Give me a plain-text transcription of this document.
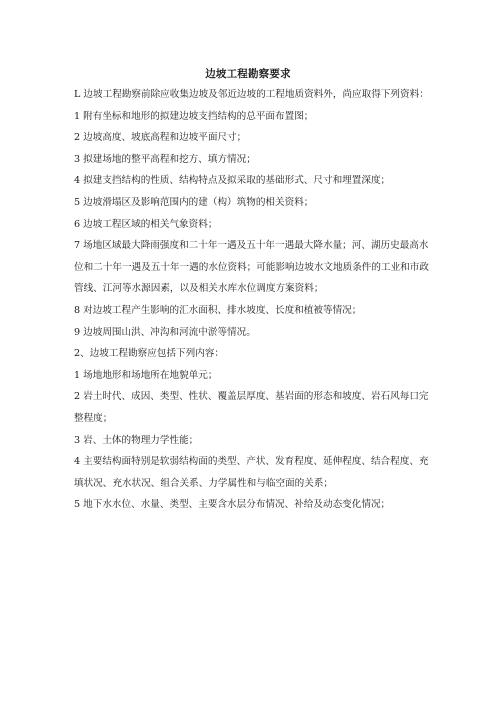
边坡工程勘察要求

L 边坡工程勘察前除应收集边坡及邻近边坡的工程地质资料外，尚应取得下列资料：

1 附有坐标和地形的拟建边坡支挡结构的总平面布置图；

2 边坡高度、坡底高程和边坡平面尺寸；

3 拟建场地的整平高程和挖方、填方情况；

4 拟建支挡结构的性质、结构特点及拟采取的基础形式、尺寸和埋置深度；

5 边坡滑塌区及影响范围内的建（构）筑物的相关资料；

6 边坡工程区域的相关气象资料；

7 场地区域最大降雨强度和二十年一遇及五十年一遇最大降水量；河、湖历史最高水位和二十年一遇及五十年一遇的水位资料；可能影响边坡水文地质条件的工业和市政管线、江河等水源因素，以及相关水库水位调度方案资料；

8 对边坡工程产生影响的汇水面积、排水坡度、长度和植被等情况；

9 边坡周围山洪、冲沟和河流中淤等情况。

2、边坡工程勘察应包括下列内容：

1 场地地形和场地所在地貌单元；

2 岩土时代、成因、类型、性状、覆盖层厚度、基岩面的形态和坡度、岩石风每口完整程度；

3 岩、土体的物理力学性能；

4 主要结构面特别是软弱结构面的类型、产状、发育程度、延伸程度、结合程度、充填状况、充水状况、组合关系、力学属性和与临空面的关系；

5 地下水水位、水量、类型、主要含水层分布情况、补给及动态变化情况；
